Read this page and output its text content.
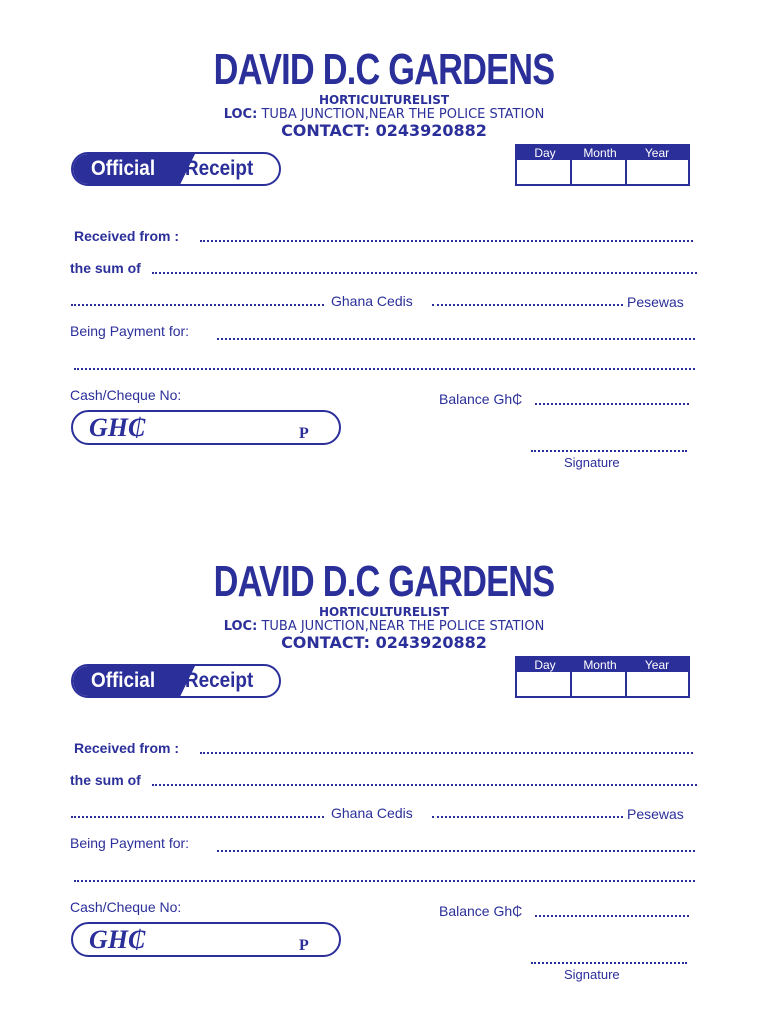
DAVID D.C GARDENS
HORTICULTURELIST
LOC: TUBA JUNCTION,NEAR THE POLICE STATION
CONTACT: 0243920882
Official Receipt
Day	Month	Year
Received from :
the sum of
Ghana Cedis	Pesewas
Being Payment for:
Cash/Cheque No:	Balance Gh₵
GH₵	P
Signature
DAVID D.C GARDENS
HORTICULTURELIST
LOC: TUBA JUNCTION,NEAR THE POLICE STATION
CONTACT: 0243920882
Official Receipt
Day	Month	Year
Received from :
the sum of
Ghana Cedis	Pesewas
Being Payment for:
Cash/Cheque No:	Balance Gh₵
GH₵	P
Signature
